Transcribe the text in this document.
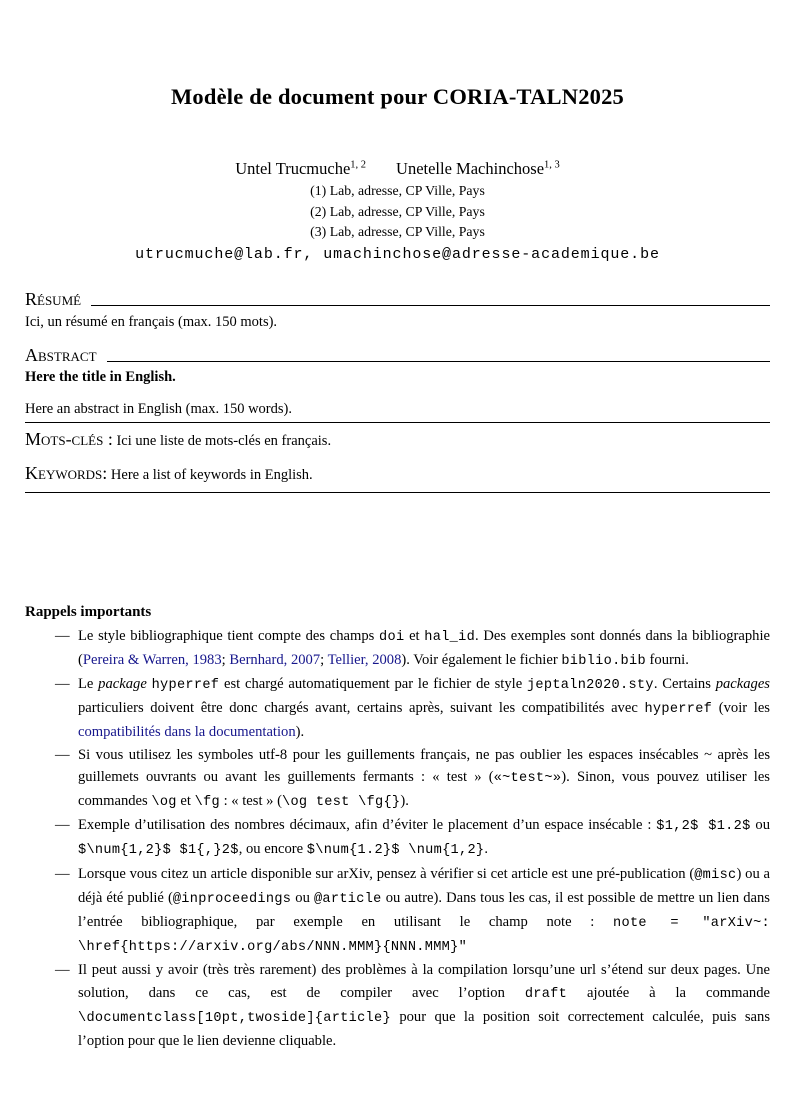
Modèle de document pour CORIA-TALN2025
Untel Trucmuche$^{1, 2}$ Unetelle Machinchose$^{1, 3}$
(1) Lab, adresse, CP Ville, Pays
(2) Lab, adresse, CP Ville, Pays
(3) Lab, adresse, CP Ville, Pays
utrucmuche@lab.fr, umachinchose@adresse-academique.be
Résumé

Ici, un résumé en français (max. 150 mots).

Abstract

Here the title in English.

Here an abstract in English (max. 150 words).

Mots-clés : Ici une liste de mots-clés en français.

Keywords: Here a list of keywords in English.

Rappels importants
— Le style bibliographique tient compte des champs doi et hal_id. Des exemples sont donnés dans la bibliographie (Pereira & Warren, 1983; Bernhard, 2007; Tellier, 2008). Voir également le fichier biblio.bib fourni.
— Le package hyperref est chargé automatiquement par le fichier de style jeptaln2020.sty. Certains packages particuliers doivent être donc chargés avant, certains après, suivant les compatibilités avec hyperref (voir les compatibilités dans la documentation).
— Si vous utilisez les symboles utf-8 pour les guillements français, ne pas oublier les espaces insécables ~ après les guillemets ouvrants ou avant les guillements fermants : « test » («~test~»). Sinon, vous pouvez utiliser les commandes \og et \fg : « test » (\og test \fg{}).
— Exemple d’utilisation des nombres décimaux, afin d’éviter le placement d’un espace insécable : $1,2$ $1.2$ ou $\num{1,2}$ $1{,}2$, ou encore $\num{1.2}$ \num{1,2}.
— Lorsque vous citez un article disponible sur arXiv, pensez à vérifier si cet article est une pré-publication (@misc) ou a déjà été publié (@inproceedings ou @article ou autre). Dans tous les cas, il est possible de mettre un lien dans l’entrée bibliographique, par exemple en utilisant le champ note : note = "arXiv~: \href{https://arxiv.org/abs/NNN.MMM}{NNN.MMM}"
— Il peut aussi y avoir (très très rarement) des problèmes à la compilation lorsqu’une url s’étend sur deux pages. Une solution, dans ce cas, est de compiler avec l’option draft ajoutée à la commande \documentclass[10pt,twoside]{article} pour que la position soit correctement calculée, puis sans l’option pour que le lien devienne cliquable.
